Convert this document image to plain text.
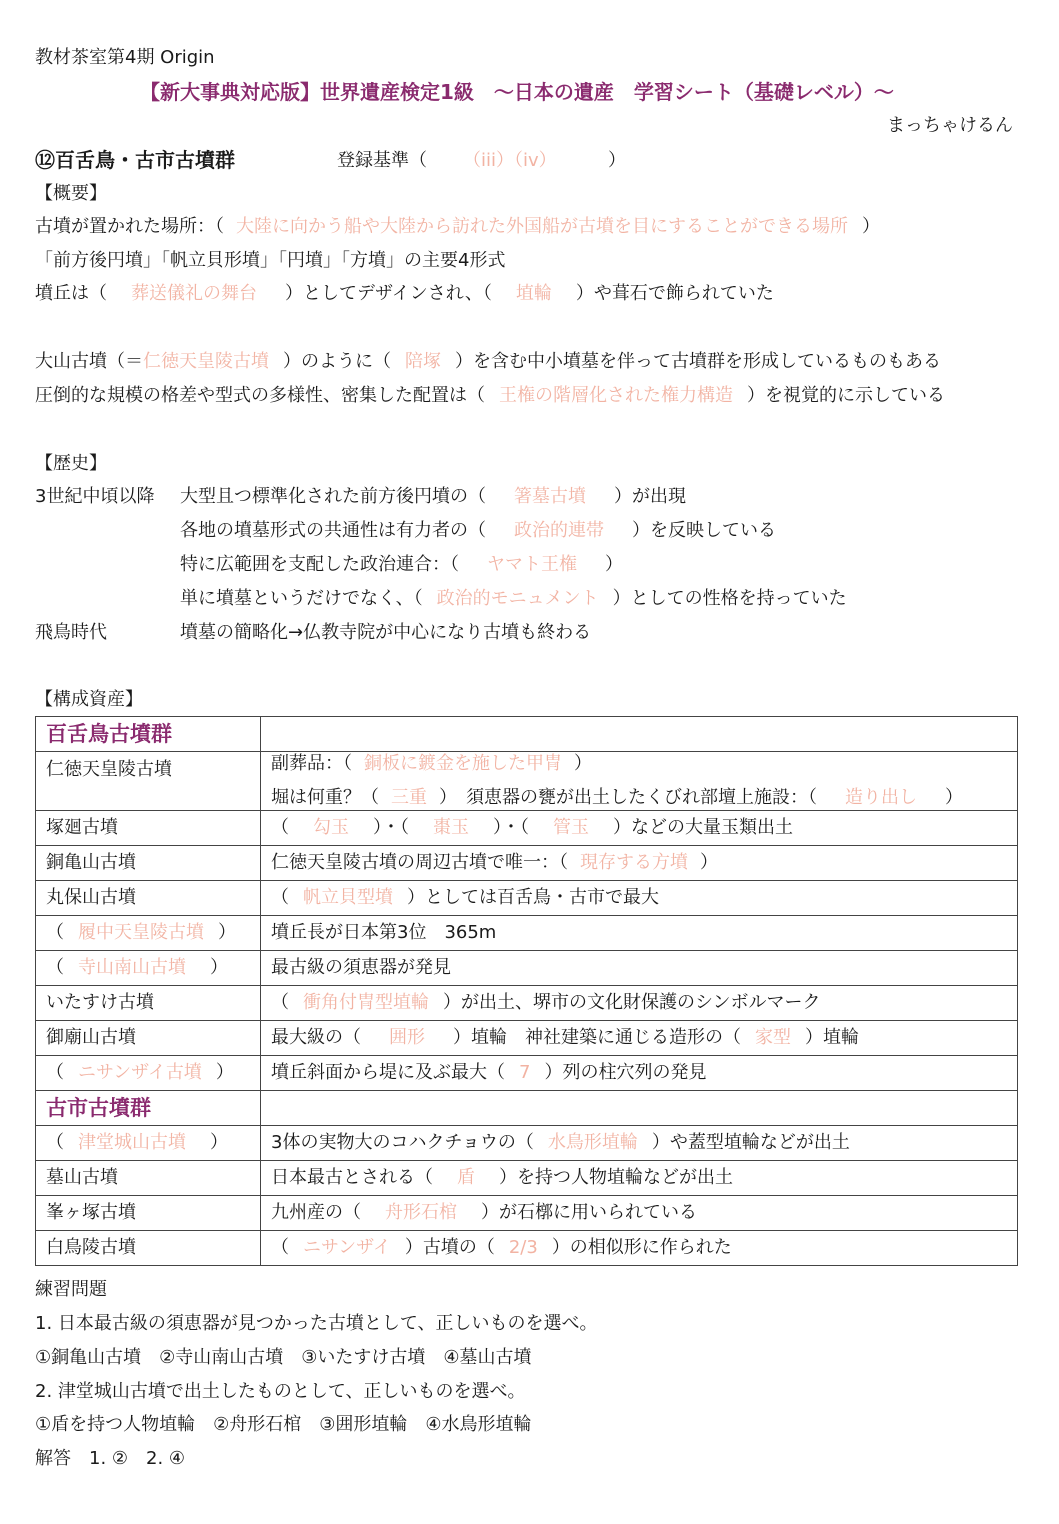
教材茶室第4期 Origin
【新大事典対応版】世界遺産検定1級　～日本の遺産　学習シート（基礎レベル）～
まっちゃけるん
⑫百舌鳥・古市古墳群	登録基準（ （iii）（iv）	）
【概要】
古墳が置かれた場所：（ 大陸に向かう船や大陸から訪れた外国船が古墳を目にすることができる場所 ）
「前方後円墳」「帆立貝形墳」「円墳」「方墳」の主要4形式
墳丘は（ 葬送儀礼の舞台 ）としてデザインされ、（ 埴輪 ）や葺石で飾られていた
大山古墳（＝仁徳天皇陵古墳 ）のように（ 陪塚 ）を含む中小墳墓を伴って古墳群を形成しているものもある
圧倒的な規模の格差や型式の多様性、密集した配置は（ 王権の階層化された権力構造 ）を視覚的に示している
【歴史】
3世紀中頃以降 大型且つ標準化された前方後円墳の（ 箸墓古墳 ）が出現
各地の墳墓形式の共通性は有力者の（ 政治的連帯 ）を反映している
特に広範囲を支配した政治連合：（ ヤマト王権 ）
単に墳墓というだけでなく、（ 政治的モニュメント ）としての性格を持っていた
飛鳥時代	墳墓の簡略化→仏教寺院が中心になり古墳も終わる
【構成資産】
百舌鳥古墳群	
仁徳天皇陵古墳	副葬品：（ 銅板に鍍金を施した甲冑 ）
堀は何重？（ 三重 ）　須恵器の甕が出土したくびれ部壇上施設：（ 造り出し ）

塚廻古墳	（ 勾玉 ）・（ 棗玉 ）・（ 管玉 ）などの大量玉類出土
銅亀山古墳	仁徳天皇陵古墳の周辺古墳で唯一：（ 現存する方墳 ）
丸保山古墳	（ 帆立貝型墳 ）としては百舌鳥・古市で最大
（ 履中天皇陵古墳 ）	墳丘長が日本第3位　365m
（ 寺山南山古墳 ）	最古級の須恵器が発見
いたすけ古墳	（ 衝角付冑型埴輪 ）が出土、堺市の文化財保護のシンボルマーク
御廟山古墳	最大級の（ 囲形 ）埴輪　神社建築に通じる造形の（ 家型 ）埴輪
（ ニサンザイ古墳 ）	墳丘斜面から堤に及ぶ最大（ 7 ）列の柱穴列の発見
古市古墳群	
（ 津堂城山古墳 ）	3体の実物大のコハクチョウの（ 水鳥形埴輪 ）や蓋型埴輪などが出土
墓山古墳	日本最古とされる（ 盾 ）を持つ人物埴輪などが出土
峯ヶ塚古墳	九州産の（ 舟形石棺 ）が石槨に用いられている
白鳥陵古墳	（ ニサンザイ ）古墳の（ 2/3 ）の相似形に作られた
練習問題
1. 日本最古級の須恵器が見つかった古墳として、正しいものを選べ。
①銅亀山古墳　②寺山南山古墳　③いたすけ古墳　④墓山古墳
2. 津堂城山古墳で出土したものとして、正しいものを選べ。
①盾を持つ人物埴輪　②舟形石棺　③囲形埴輪　④水鳥形埴輪
解答　1. ②　2. ④
